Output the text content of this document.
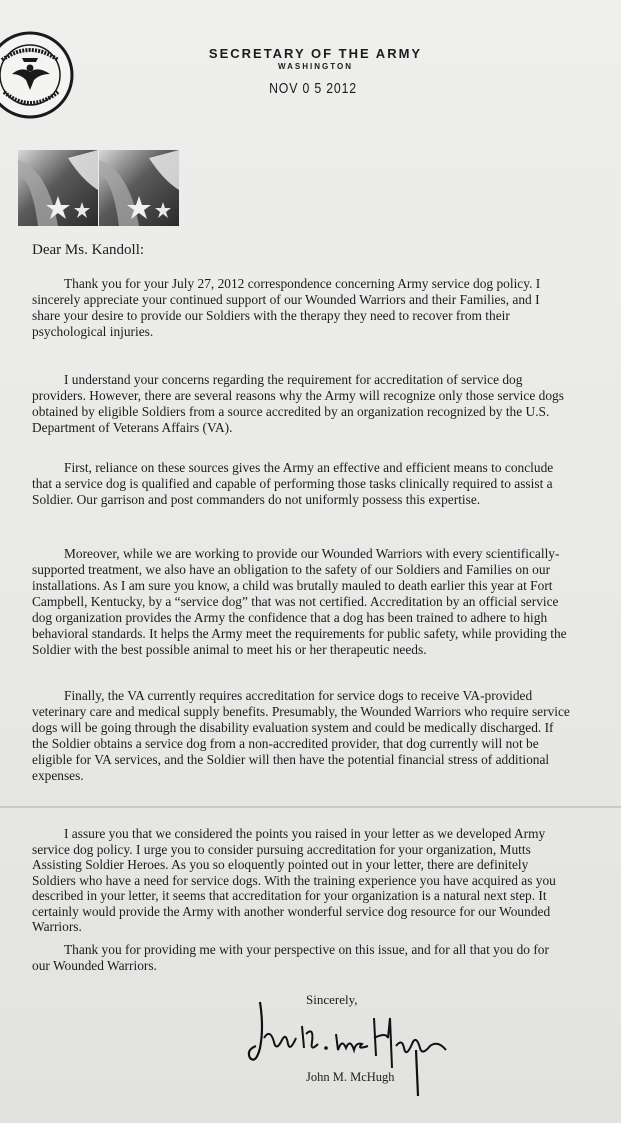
SECRETARY OF THE ARMY
WASHINGTON
NOV 0 5 2012
Dear Ms. Kandoll:

Thank you for your July 27, 2012 correspondence concerning Army service dog policy. I sincerely appreciate your continued support of our Wounded Warriors and their Families, and I share your desire to provide our Soldiers with the therapy they need to recover from their psychological injuries.

I understand your concerns regarding the requirement for accreditation of service dog providers. However, there are several reasons why the Army will recognize only those service dogs obtained by eligible Soldiers from a source accredited by an organization recognized by the U.S. Department of Veterans Affairs (VA).

First, reliance on these sources gives the Army an effective and efficient means to conclude that a service dog is qualified and capable of performing those tasks clinically required to assist a Soldier. Our garrison and post commanders do not uniformly possess this expertise.

Moreover, while we are working to provide our Wounded Warriors with every scientifically-supported treatment, we also have an obligation to the safety of our Soldiers and Families on our installations. As I am sure you know, a child was brutally mauled to death earlier this year at Fort Campbell, Kentucky, by a “service dog” that was not certified. Accreditation by an official service dog organization provides the Army the confidence that a dog has been trained to adhere to high behavioral standards. It helps the Army meet the requirements for public safety, while providing the Soldier with the best possible animal to meet his or her therapeutic needs.

Finally, the VA currently requires accreditation for service dogs to receive VA-provided veterinary care and medical supply benefits. Presumably, the Wounded Warriors who require service dogs will be going through the disability evaluation system and could be medically discharged. If the Soldier obtains a service dog from a non-accredited provider, that dog currently will not be eligible for VA services, and the Soldier will then have the potential financial stress of additional expenses.

I assure you that we considered the points you raised in your letter as we developed Army service dog policy. I urge you to consider pursuing accreditation for your organization, Mutts Assisting Soldier Heroes. As you so eloquently pointed out in your letter, there are definitely Soldiers who have a need for service dogs. With the training experience you have acquired as you described in your letter, it seems that accreditation for your organization is a natural next step. It certainly would provide the Army with another wonderful service dog resource for our Wounded Warriors.

Thank you for providing me with your perspective on this issue, and for all that you do for our Wounded Warriors.

Sincerely,
John M. McHugh
